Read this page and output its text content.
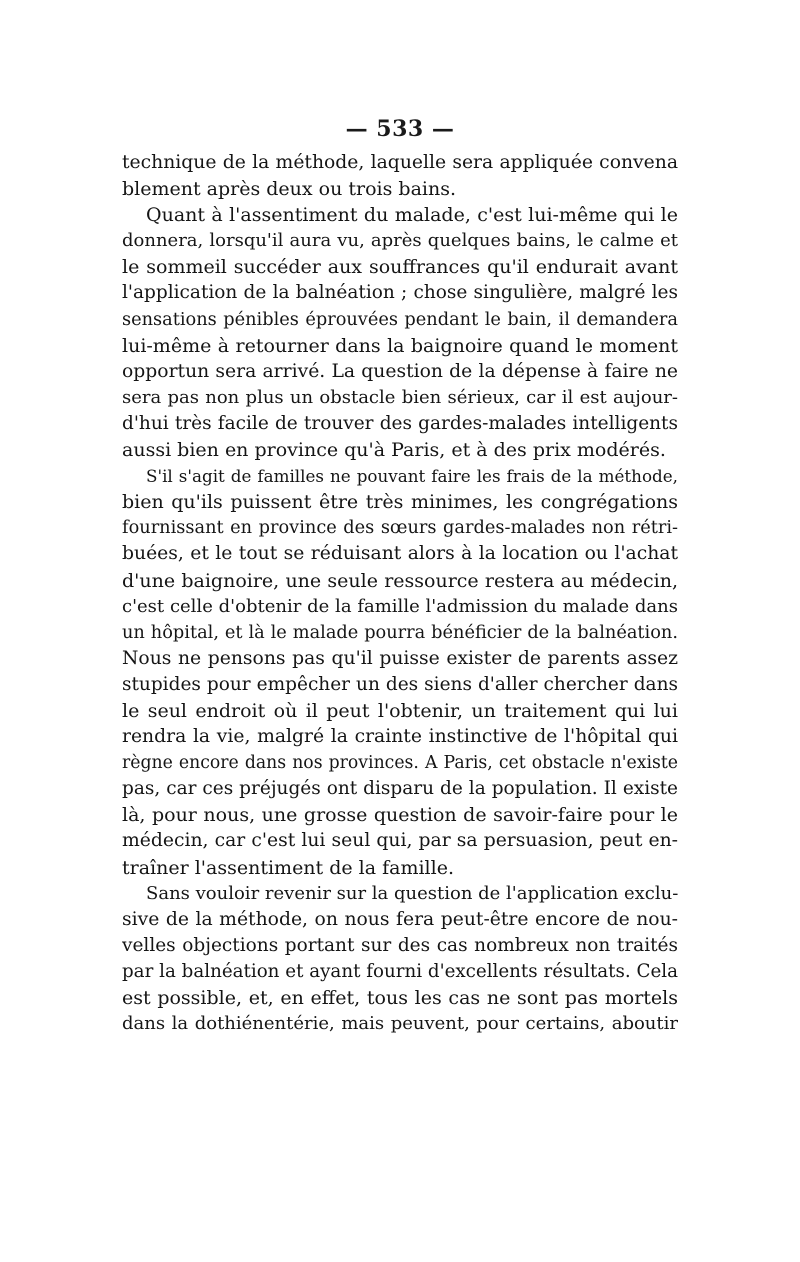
— 533 —
technique de la méthode, laquelle sera appliquée convena
blement après deux ou trois bains.
Quant à l'assentiment du malade, c'est lui-même qui le
donnera, lorsqu'il aura vu, après quelques bains, le calme et
le sommeil succéder aux souffrances qu'il endurait avant
l'application de la balnéation ; chose singulière, malgré les
sensations pénibles éprouvées pendant le bain, il demandera
lui-même à retourner dans la baignoire quand le moment
opportun sera arrivé. La question de la dépense à faire ne
sera pas non plus un obstacle bien sérieux, car il est aujour-
d'hui très facile de trouver des gardes-malades intelligents
aussi bien en province qu'à Paris, et à des prix modérés.
S'il s'agit de familles ne pouvant faire les frais de la méthode,
bien qu'ils puissent être très minimes, les congrégations
fournissant en province des sœurs gardes-malades non rétri-
buées, et le tout se réduisant alors à la location ou l'achat
d'une baignoire, une seule ressource restera au médecin,
c'est celle d'obtenir de la famille l'admission du malade dans
un hôpital, et là le malade pourra bénéficier de la balnéation.
Nous ne pensons pas qu'il puisse exister de parents assez
stupides pour empêcher un des siens d'aller chercher dans
le seul endroit où il peut l'obtenir, un traitement qui lui
rendra la vie, malgré la crainte instinctive de l'hôpital qui
règne encore dans nos provinces. A Paris, cet obstacle n'existe
pas, car ces préjugés ont disparu de la population. Il existe
là, pour nous, une grosse question de savoir-faire pour le
médecin, car c'est lui seul qui, par sa persuasion, peut en-
traîner l'assentiment de la famille.
Sans vouloir revenir sur la question de l'application exclu-
sive de la méthode, on nous fera peut-être encore de nou-
velles objections portant sur des cas nombreux non traités
par la balnéation et ayant fourni d'excellents résultats. Cela
est possible, et, en effet, tous les cas ne sont pas mortels
dans la dothiénentérie, mais peuvent, pour certains, aboutir
